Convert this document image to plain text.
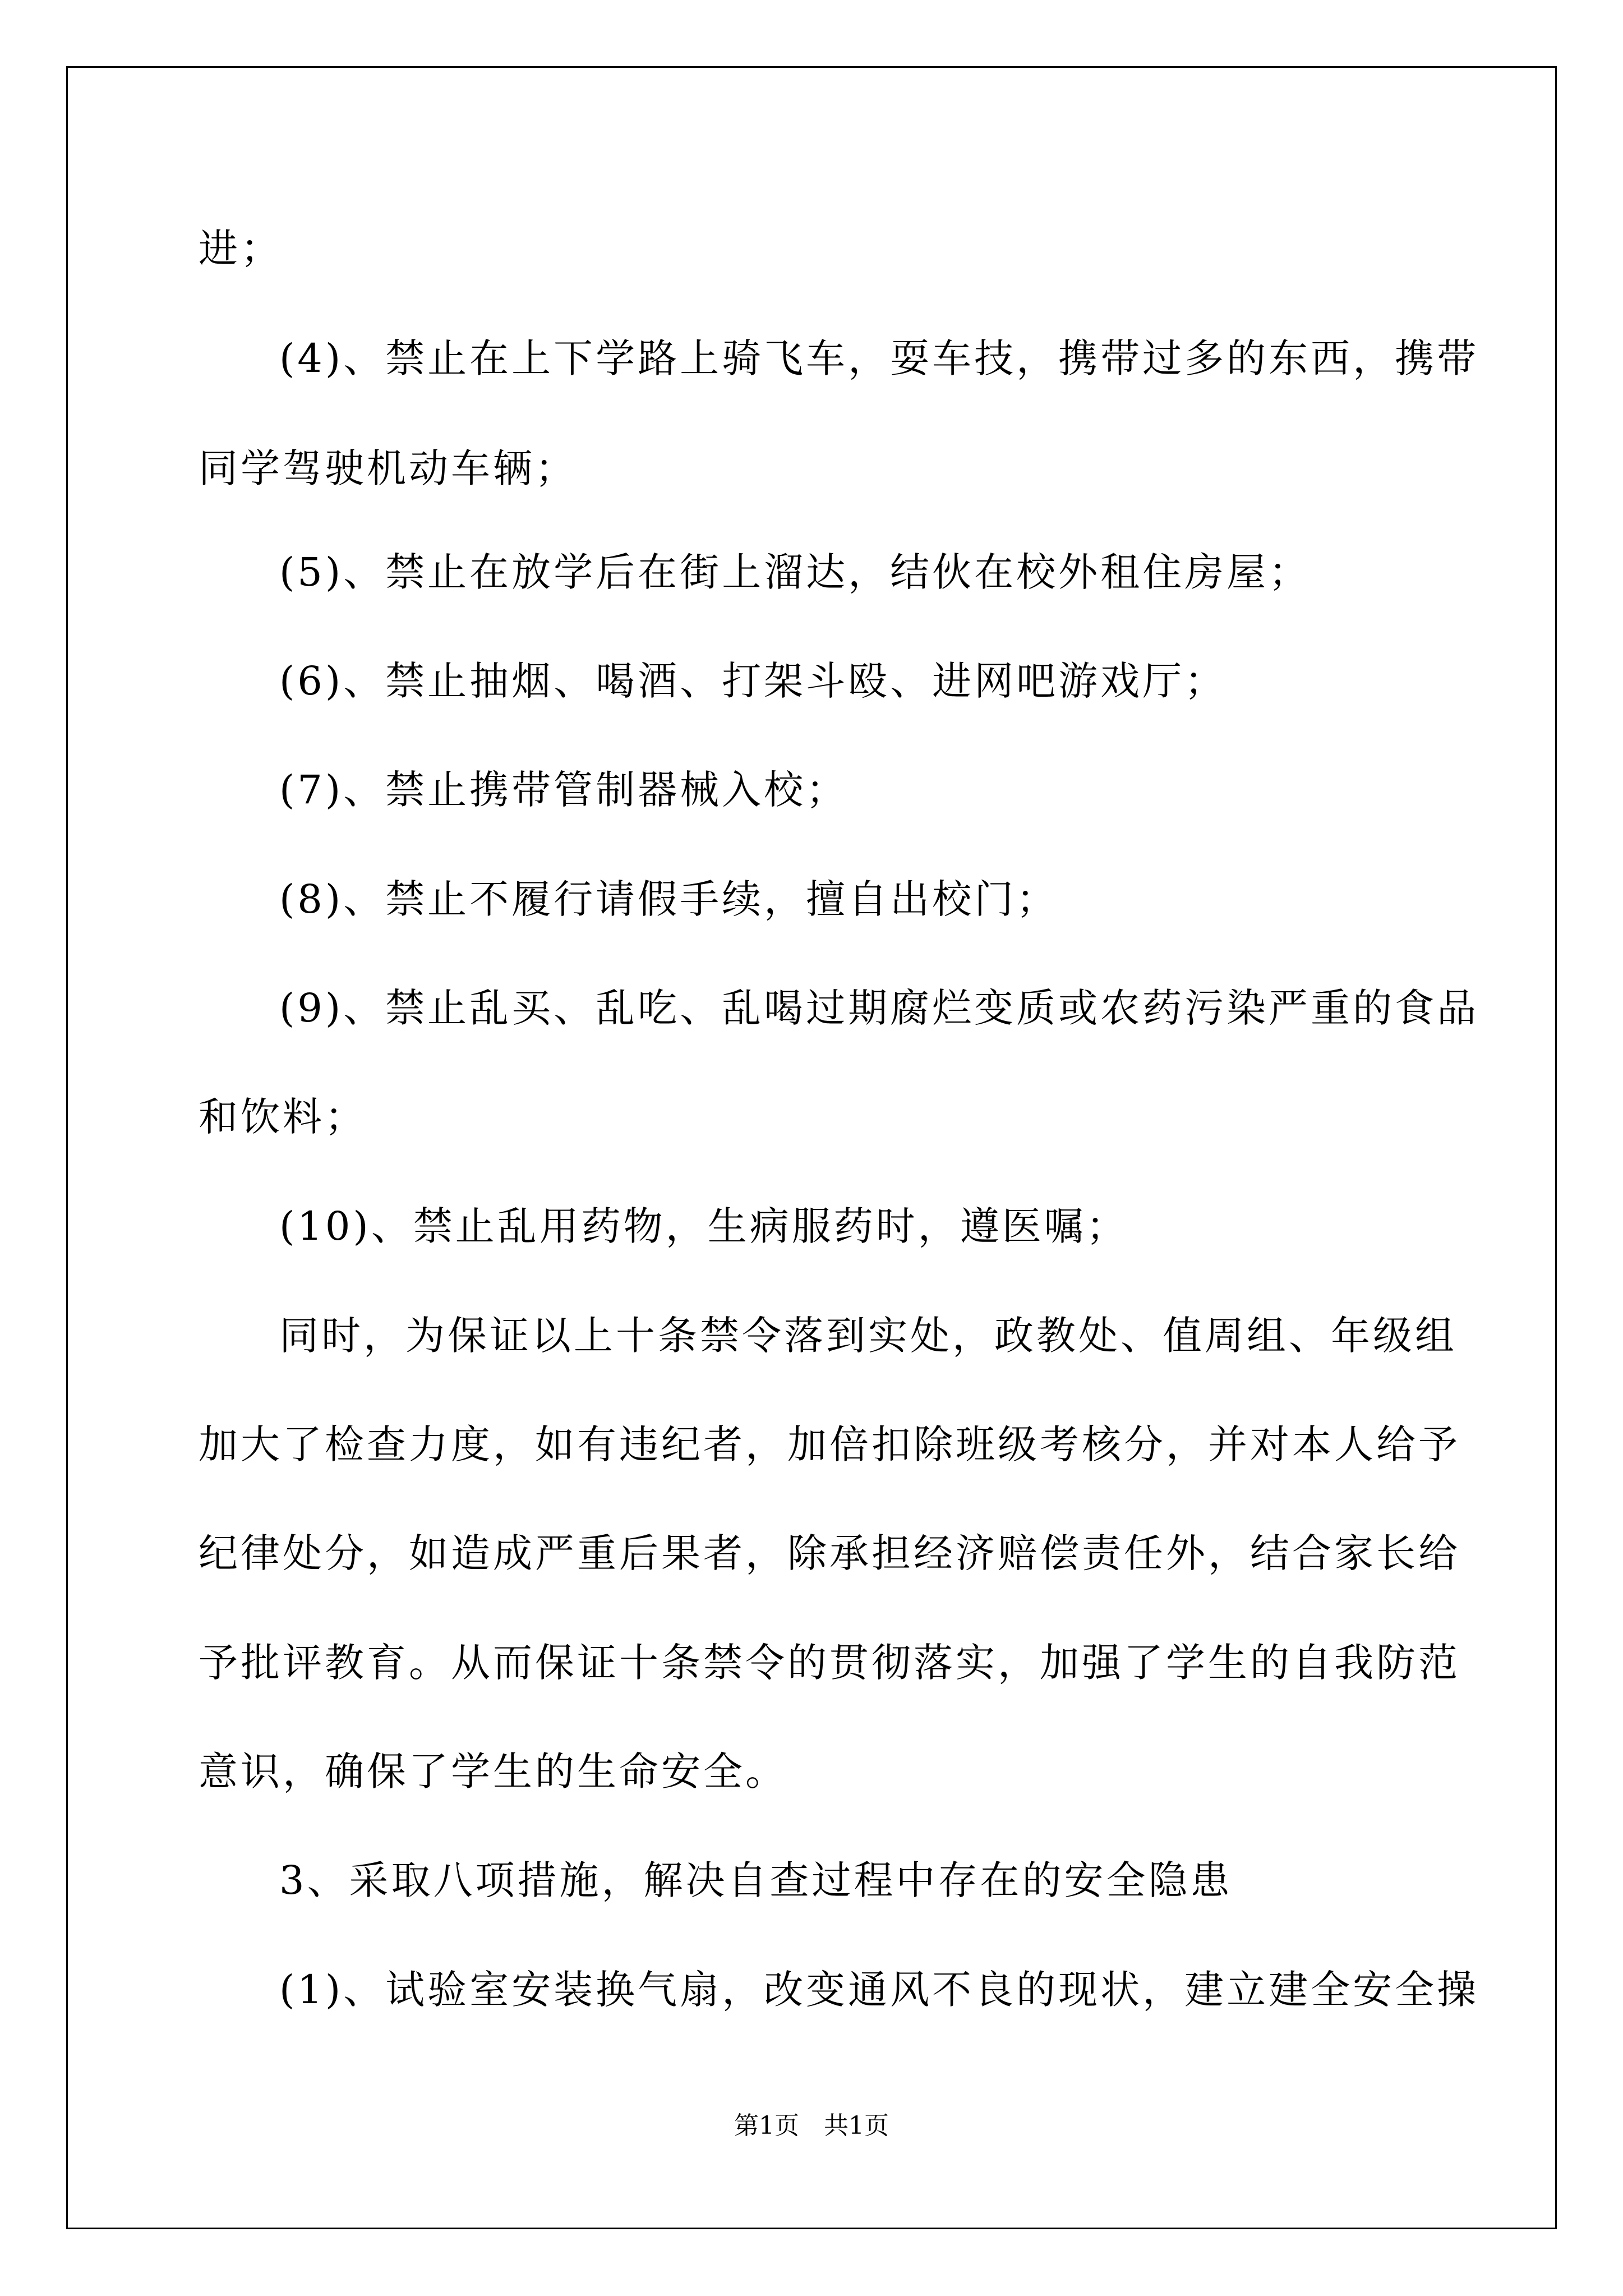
进；
(4)、禁止在上下学路上骑飞车，耍车技，携带过多的东西，携带
同学驾驶机动车辆；
(5)、禁止在放学后在街上溜达，结伙在校外租住房屋；
(6)、禁止抽烟、喝酒、打架斗殴、进网吧游戏厅；
(7)、禁止携带管制器械入校；
(8)、禁止不履行请假手续，擅自出校门；
(9)、禁止乱买、乱吃、乱喝过期腐烂变质或农药污染严重的食品
和饮料；
(10)、禁止乱用药物，生病服药时，遵医嘱；
同时，为保证以上十条禁令落到实处，政教处、值周组、年级组
加大了检查力度，如有违纪者，加倍扣除班级考核分，并对本人给予
纪律处分，如造成严重后果者，除承担经济赔偿责任外，结合家长给
予批评教育。从而保证十条禁令的贯彻落实，加强了学生的自我防范
意识，确保了学生的生命安全。
3、采取八项措施，解决自查过程中存在的安全隐患
(1)、试验室安装换气扇，改变通风不良的现状，建立建全安全操
第1页　共1页
